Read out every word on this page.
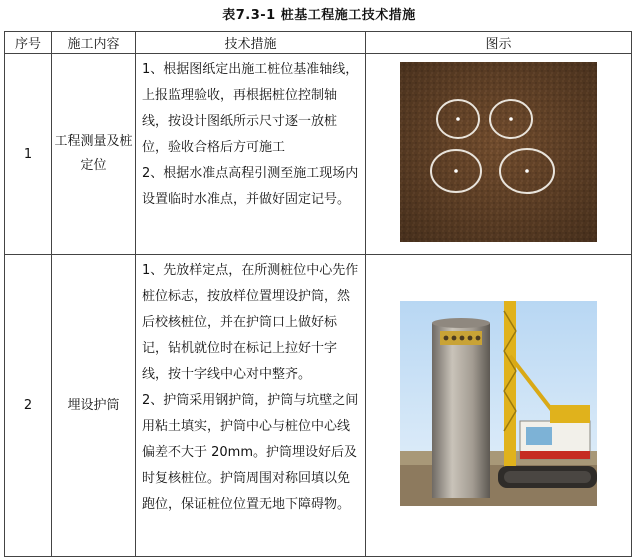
表7.3-1 桩基工程施工技术措施
序号	施工内容	技术措施	图示
1	工程测量及桩定位	1、根据图纸定出施工桩位基准轴线，上报监理验收，再根据桩位控制轴线，按设计图纸所示尺寸逐一放桩位，验收合格后方可施工

2、根据水准点高程引测至施工现场内设置临时水准点，并做好固定记号。

2	埋设护筒	1、先放样定点，在所测桩位中心先作桩位标志，按放样位置埋设护筒，然后校核桩位，并在护筒口上做好标记，钻机就位时在标记上拉好十字线，按十字线中心对中整齐。

2、护筒采用钢护筒，护筒与坑壁之间用粘土填实，护筒中心与桩位中心线偏差不大于 20mm。护筒埋设好后及时复核桩位。护筒周围对称回填以免跑位，保证桩位位置无地下障碍物。
